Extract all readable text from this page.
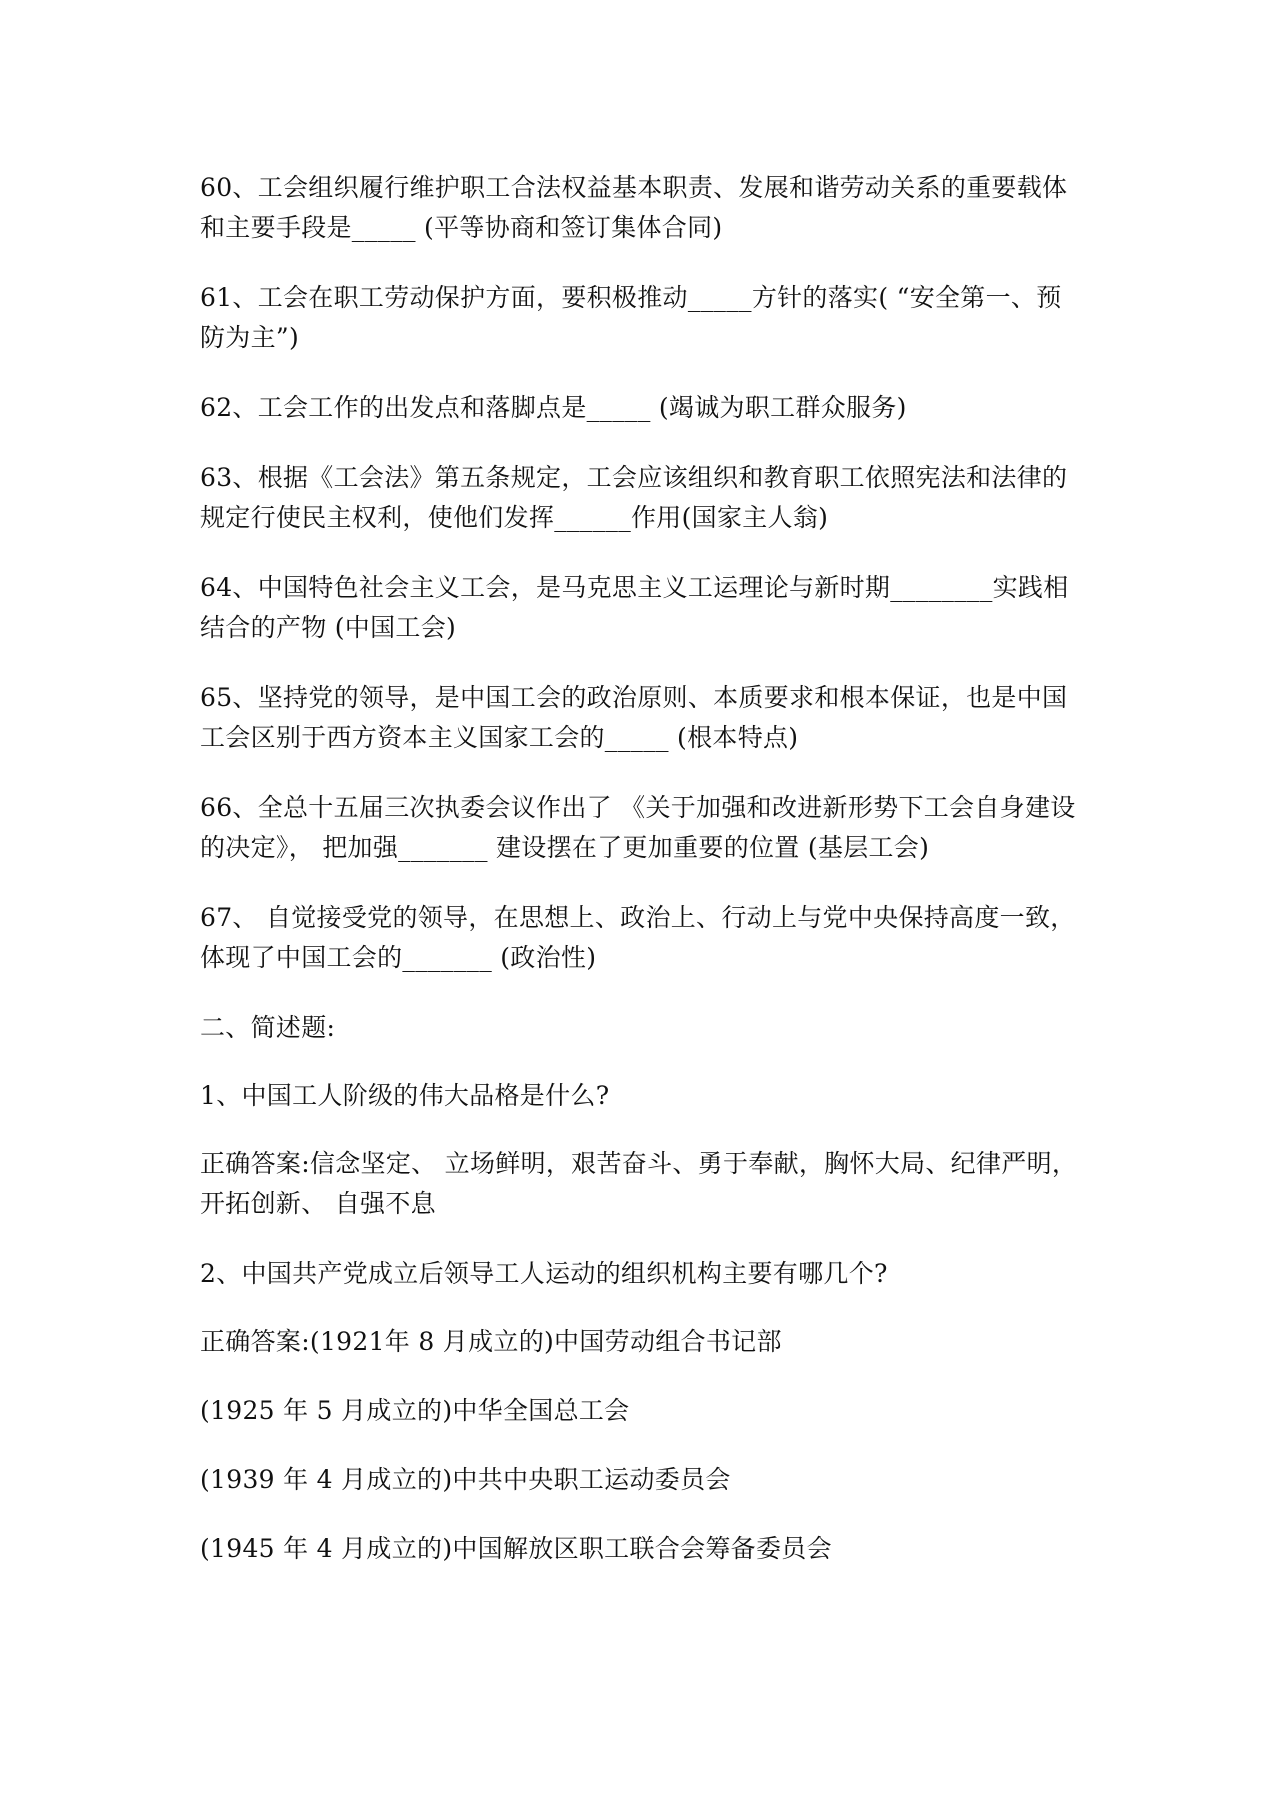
60、工会组织履行维护职工合法权益基本职责、发展和谐劳动关系的重要载体

和主要手段是_____ (平等协商和签订集体合同)

61、工会在职工劳动保护方面，要积极推动_____方针的落实( “安全第一、预

防为主”)

62、工会工作的出发点和落脚点是_____ (竭诚为职工群众服务)

63、根据《工会法》第五条规定，工会应该组织和教育职工依照宪法和法律的

规定行使民主权利，使他们发挥______作用(国家主人翁)

64、中国特色社会主义工会，是马克思主义工运理论与新时期________实践相

结合的产物 (中国工会)

65、坚持党的领导，是中国工会的政治原则、本质要求和根本保证，也是中国

工会区别于西方资本主义国家工会的_____ (根本特点)

66、全总十五届三次执委会议作出了 《关于加强和改进新形势下工会自身建设

的决定》， 把加强_______ 建设摆在了更加重要的位置 (基层工会)

67、 自觉接受党的领导，在思想上、政治上、行动上与党中央保持高度一致，

体现了中国工会的_______ (政治性)

二、简述题:
1、中国工人阶级的伟大品格是什么?

正确答案:信念坚定、 立场鲜明，艰苦奋斗、勇于奉献，胸怀大局、纪律严明，

开拓创新、 自强不息

2、中国共产党成立后领导工人运动的组织机构主要有哪几个?
正确答案:(1921年 8 月成立的)中国劳动组合书记部
(1925 年 5 月成立的)中华全国总工会
(1939 年 4 月成立的)中共中央职工运动委员会
(1945 年 4 月成立的)中国解放区职工联合会筹备委员会
